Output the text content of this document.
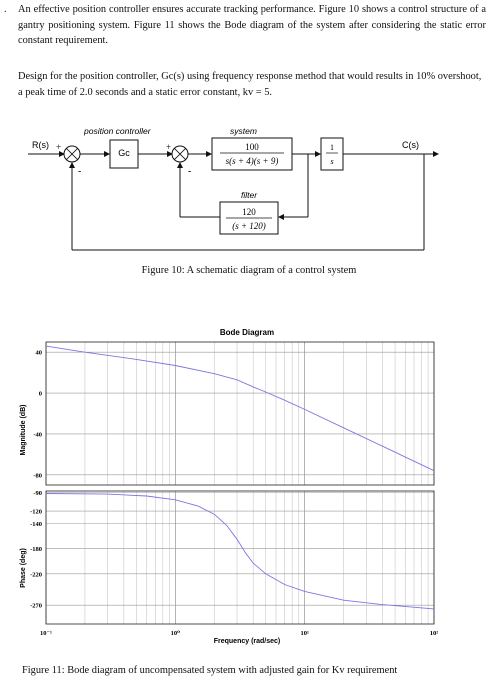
. An effective position controller ensures accurate tracking performance. Figure 10 shows a control structure of a gantry positioning system. Figure 11 shows the Bode diagram of the system after considering the static error constant requirement.
Design for the position controller, Gc(s) using frequency response method that would results in 10% overshoot, a peak time of 2.0 seconds and a static error constant, kv = 5.
R(s) +
-
position controller	system
+
-
C(s)
Gc
100
s(s + 4)(s + 9)
1
s
filter
120
(s + 120)
Figure 10: A schematic diagram of a control system
Bode Diagram
Magnitude (dB)
Phase (deg)
Frequency (rad/sec)
40
0
-40
-80
-90
-120
-140
-180
-220
-270
10⁻¹	10⁰	10¹	10²
Figure 11: Bode diagram of uncompensated system with adjusted gain for Kv requirement
